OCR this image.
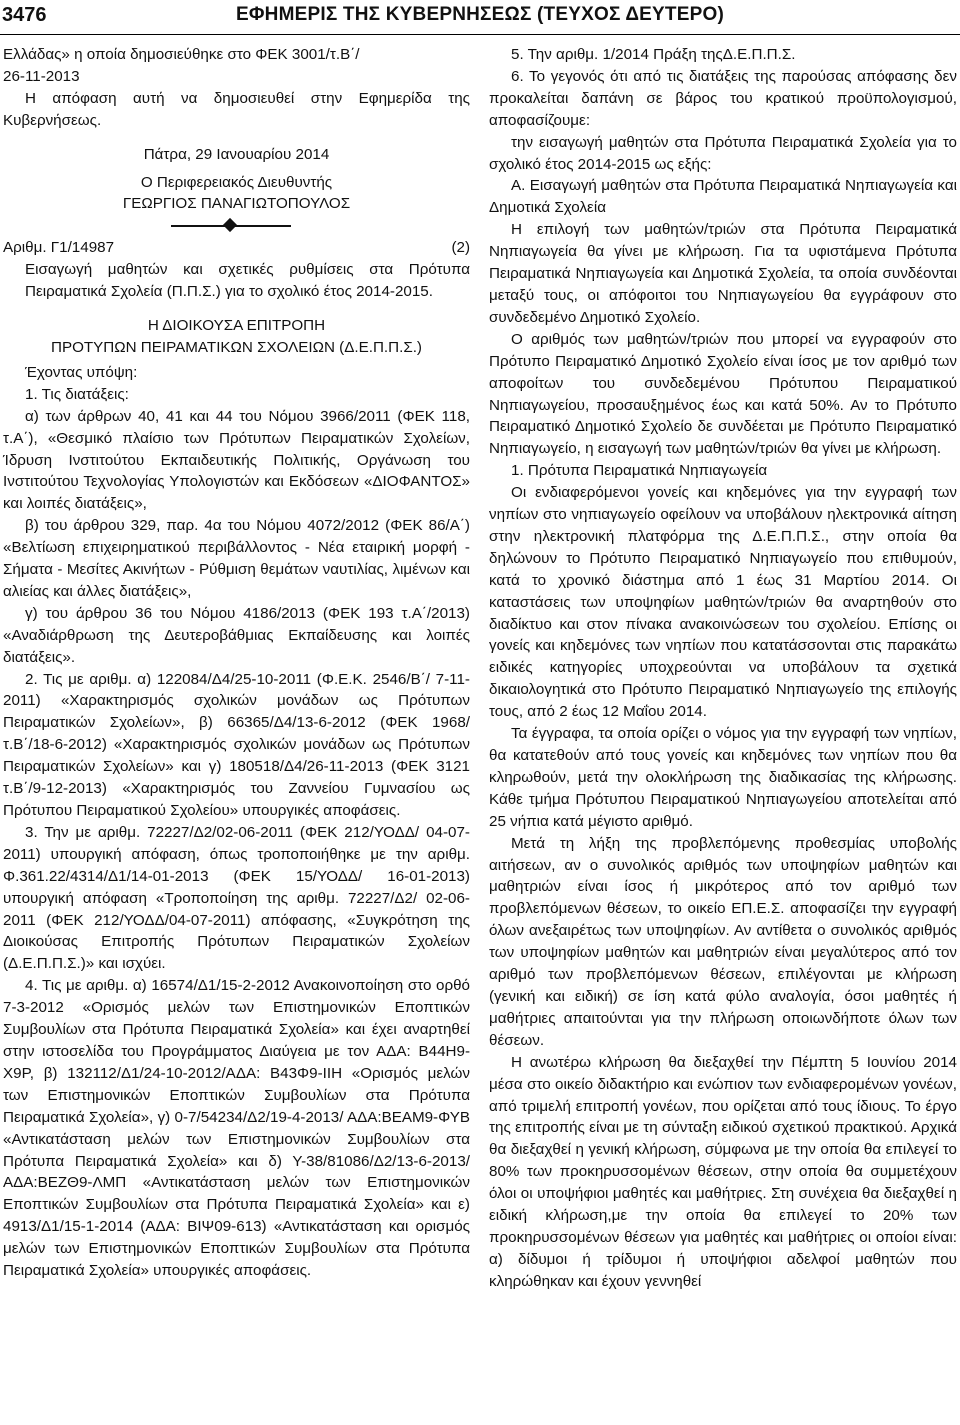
3476	ΕΦΗΜΕΡΙΣ ΤΗΣ ΚΥΒΕΡΝΗΣΕΩΣ (ΤΕΥΧΟΣ ΔΕΥΤΕΡΟ)

Ελλάδας» η οποία δημοσιεύθηκε στο ΦΕΚ 3001/τ.Β΄/

26-11-2013

Η απόφαση αυτή να δημοσιευθεί στην Εφημερίδα της Κυβερνήσεως.

Πάτρα, 29 Ιανουαρίου 2014

Ο Περιφερειακός Διευθυντής

ΓΕΩΡΓΙΟΣ ΠΑΝΑΓΙΩΤΟΠΟΥΛΟΣ

Αριθμ. Γ1/14987	(2)

Εισαγωγή μαθητών και σχετικές ρυθμίσεις στα Πρότυπα Πειραματικά Σχολεία (Π.Π.Σ.) για το σχολικό έτος 2014-2015.

Η ΔΙΟΙΚΟΥΣΑ ΕΠΙΤΡΟΠΗ

ΠΡΟΤΥΠΩΝ ΠΕΙΡΑΜΑΤΙΚΩΝ ΣΧΟΛΕΙΩΝ (Δ.Ε.Π.Π.Σ.)

Έχοντας υπόψη:

1. Τις διατάξεις:

α) των άρθρων 40, 41 και 44 του Νόμου 3966/2011 (ΦΕΚ 118, τ.Α΄), «Θεσμικό πλαίσιο των Πρότυπων Πειραματικών Σχολείων, Ίδρυση Ινστιτούτου Εκπαιδευτικής Πολιτικής, Οργάνωση του Ινστιτούτου Τεχνολογίας Υπολογιστών και Εκδόσεων «ΔΙΟΦΑΝΤΟΣ» και λοιπές διατάξεις»,

β) του άρθρου 329, παρ. 4α του Νόμου 4072/2012 (ΦΕΚ 86/Α΄) «Βελτίωση επιχειρηματικού περιβάλλοντος - Νέα εταιρική μορφή - Σήματα - Μεσίτες Ακινήτων - Ρύθμιση θεμάτων ναυτιλίας, λιμένων και αλιείας και άλλες διατάξεις»,

γ) του άρθρου 36 του Νόμου 4186/2013 (ΦΕΚ 193 τ.Α΄/2013) «Αναδιάρθρωση της Δευτεροβάθμιας Εκπαίδευσης και λοιπές διατάξεις».

2. Τις με αριθμ. α) 122084/Δ4/25-10-2011 (Φ.Ε.Κ. 2546/Β΄/ 7-11-2011) «Χαρακτηρισμός σχολικών μονάδων ως Πρότυπων Πειραματικών Σχολείων», β) 66365/Δ4/13-6-2012 (ΦΕΚ 1968/τ.Β΄/18-6-2012) «Χαρακτηρισμός σχολικών μονάδων ως Πρότυπων Πειραματικών Σχολείων» και γ) 180518/Δ4/26-11-2013 (ΦΕΚ 3121 τ.Β΄/9-12-2013) «Χαρακτηρισμός του Ζαννείου Γυμνασίου ως Πρότυπου Πειραματικού Σχολείου» υπουργικές αποφάσεις.

3. Την με αριθμ. 72227/Δ2/02-06-2011 (ΦΕΚ 212/ΥΟΔΔ/ 04-07-2011) υπουργική απόφαση, όπως τροποποιήθηκε με την αριθμ. Φ.361.22/4314/Δ1/14-01-2013 (ΦΕΚ 15/ΥΟΔΔ/ 16-01-2013) υπουργική απόφαση «Τροποποίηση της αριθμ. 72227/Δ2/ 02-06-2011 (ΦΕΚ 212/ΥΟΔΔ/04-07-2011) απόφασης, «Συγκρότηση της Διοικούσας Επιτροπής Πρότυπων Πειραματικών Σχολείων (Δ.Ε.Π.Π.Σ.)» και ισχύει.

4. Τις με αριθμ. α) 16574/Δ1/15-2-2012 Ανακοινοποίηση στο ορθό 7-3-2012 «Ορισμός μελών των Επιστημονικών Εποπτικών Συμβουλίων στα Πρότυπα Πειραματικά Σχολεία» και έχει αναρτηθεί στην ιστοσελίδα του Προγράμματος Διαύγεια με τον ΑΔΑ: Β44Η9-Χ9Ρ, β) 132112/Δ1/24-10-2012/ΑΔΑ: Β43Φ9-ΙΙΗ «Ορισμός μελών των Επιστημονικών Εποπτικών Συμβουλίων στα Πρότυπα Πειραματικά Σχολεία», γ) 0-7/54234/Δ2/19-4-2013/ ΑΔΑ:ΒΕΑΜ9-ΦΥΒ «Αντικατάσταση μελών των Επιστημονικών Συμβουλίων στα Πρότυπα Πειραματικά Σχολεία» και δ) Υ-38/81086/Δ2/13-6-2013/ΑΔΑ:ΒΕΖΘ9-ΛΜΠ «Αντικατάσταση μελών των Επιστημονικών Εποπτικών Συμβουλίων στα Πρότυπα Πειραματικά Σχολεία» και ε) 4913/Δ1/15-1-2014 (ΑΔΑ: ΒΙΨ09-613) «Αντικατάσταση και ορισμός μελών των Επιστημονικών Εποπτικών Συμβουλίων στα Πρότυπα Πειραματικά Σχολεία» υπουργικές αποφάσεις.

5. Την αριθμ. 1/2014 Πράξη τηςΔ.Ε.Π.Π.Σ.

6. Το γεγονός ότι από τις διατάξεις της παρούσας απόφασης δεν προκαλείται δαπάνη σε βάρος του κρατικού προϋπολογισμού, αποφασίζουμε:

την εισαγωγή μαθητών στα Πρότυπα Πειραματικά Σχολεία για το σχολικό έτος 2014-2015 ως εξής:

Α. Εισαγωγή μαθητών στα Πρότυπα Πειραματικά Νηπιαγωγεία και Δημοτικά Σχολεία

Η επιλογή των μαθητών/τριών στα Πρότυπα Πειραματικά Νηπιαγωγεία θα γίνει με κλήρωση. Για τα υφιστάμενα Πρότυπα Πειραματικά Νηπιαγωγεία και Δημοτικά Σχολεία, τα οποία συνδέονται μεταξύ τους, οι απόφοιτοι του Νηπιαγωγείου θα εγγράφουν στο συνδεδεμένο Δημοτικό Σχολείο.

Ο αριθμός των μαθητών/τριών που μπορεί να εγγραφούν στο Πρότυπο Πειραματικό Δημοτικό Σχολείο είναι ίσος με τον αριθμό των αποφοίτων του συνδεδεμένου Πρότυπου Πειραματικού Νηπιαγωγείου, προσαυξημένος έως και κατά 50%. Αν το Πρότυπο Πειραματικό Δημοτικό Σχολείο δε συνδέεται με Πρότυπο Πειραματικό Νηπιαγωγείο, η εισαγωγή των μαθητών/τριών θα γίνει με κλήρωση.

1. Πρότυπα Πειραματικά Νηπιαγωγεία

Οι ενδιαφερόμενοι γονείς και κηδεμόνες για την εγγραφή των νηπίων στο νηπιαγωγείο οφείλουν να υποβάλουν ηλεκτρονικά αίτηση στην ηλεκτρονική πλατφόρμα της Δ.Ε.Π.Π.Σ., στην οποία θα δηλώνουν το Πρότυπο Πειραματικό Νηπιαγωγείο που επιθυμούν, κατά το χρονικό διάστημα από 1 έως 31 Μαρτίου 2014. Οι καταστάσεις των υποψηφίων μαθητών/τριών θα αναρτηθούν στο διαδίκτυο και στον πίνακα ανακοινώσεων του σχολείου. Επίσης οι γονείς και κηδεμόνες των νηπίων που κατατάσσονται στις παρακάτω ειδικές κατηγορίες υποχρεούνται να υποβάλουν τα σχετικά δικαιολογητικά στο Πρότυπο Πειραματικό Νηπιαγωγείο της επιλογής τους, από 2 έως 12 Μαΐου 2014.

Τα έγγραφα, τα οποία ορίζει ο νόμος για την εγγραφή των νηπίων, θα κατατεθούν από τους γονείς και κηδεμόνες των νηπίων που θα κληρωθούν, μετά την ολοκλήρωση της διαδικασίας της κλήρωσης. Κάθε τμήμα Πρότυπου Πειραματικού Νηπιαγωγείου αποτελείται από 25 νήπια κατά μέγιστο αριθμό.

Μετά τη λήξη της προβλεπόμενης προθεσμίας υποβολής αιτήσεων, αν ο συνολικός αριθμός των υποψηφίων μαθητών και μαθητριών είναι ίσος ή μικρότερος από τον αριθμό των προβλεπόμενων θέσεων, το οικείο ΕΠ.Ε.Σ. αποφασίζει την εγγραφή όλων ανεξαιρέτως των υποψηφίων. Αν αντίθετα ο συνολικός αριθμός των υποψηφίων μαθητών και μαθητριών είναι μεγαλύτερος από τον αριθμό των προβλεπόμενων θέσεων, επιλέγονται με κλήρωση (γενική και ειδική) σε ίση κατά φύλο αναλογία, όσοι μαθητές ή μαθήτριες απαιτούνται για την πλήρωση οποιωνδήποτε όλων των θέσεων.

Η ανωτέρω κλήρωση θα διεξαχθεί την Πέμπτη 5 Ιουνίου 2014 μέσα στο οικείο διδακτήριο και ενώπιον των ενδιαφερομένων γονέων, από τριμελή επιτροπή γονέων, που ορίζεται από τους ίδιους. Το έργο της επιτροπής είναι με τη σύνταξη ειδικού σχετικού πρακτικού. Αρχικά θα διεξαχθεί η γενική κλήρωση, σύμφωνα με την οποία θα επιλεγεί το 80% των προκηρυσσομένων θέσεων, στην οποία θα συμμετέχουν όλοι οι υποψήφιοι μαθητές και μαθήτριες. Στη συνέχεια θα διεξαχθεί η ειδική κλήρωση,με την οποία θα επιλεγεί το 20% των προκηρυσσομένων θέσεων για μαθητές και μαθήτριες οι οποίοι είναι: α) δίδυμοι ή τρίδυμοι ή υποψήφιοι αδελφοί μαθητών που κληρώθηκαν και έχουν γεννηθεί
